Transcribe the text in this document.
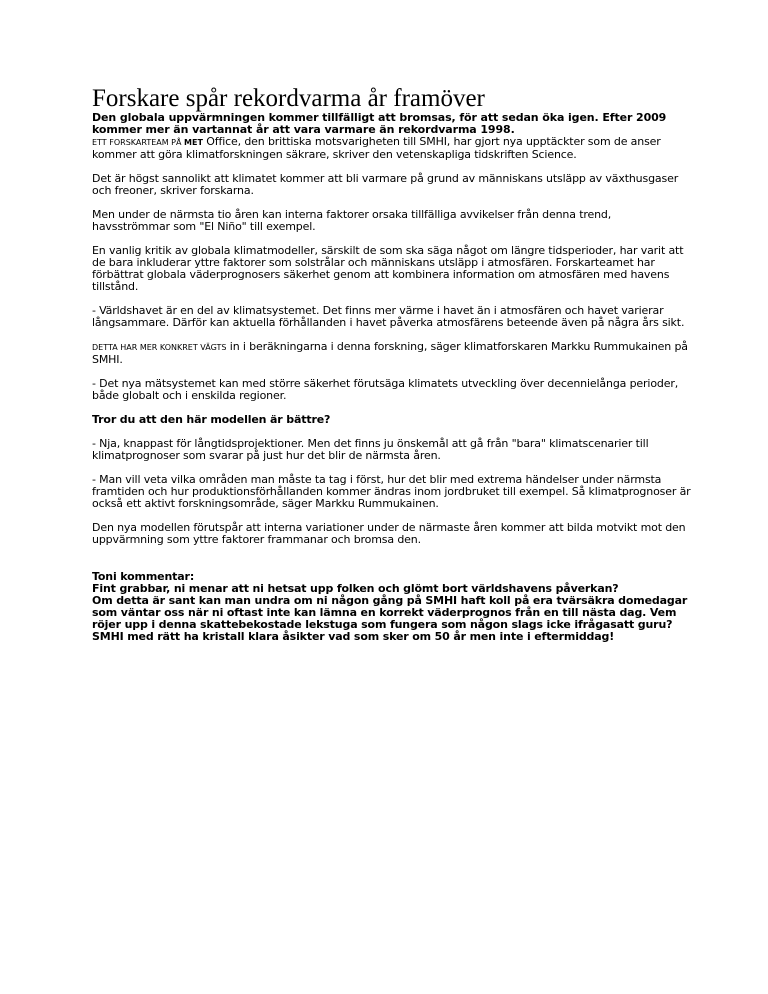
Forskare spår rekordvarma år framöver

Den globala uppvärmningen kommer tillfälligt att bromsas, för att sedan öka igen. Efter 2009 kommer mer än vartannat år att vara varmare än rekordvarma 1998.

ETT FORSKARTEAM PÅ MET Office, den brittiska motsvarigheten till SMHI, har gjort nya upptäckter som de anser kommer att göra klimatforskningen säkrare, skriver den vetenskapliga tidskriften Science.

Det är högst sannolikt att klimatet kommer att bli varmare på grund av människans utsläpp av växthusgaser och freoner, skriver forskarna.

Men under de närmsta tio åren kan interna faktorer orsaka tillfälliga avvikelser från denna trend, havsströmmar som "El Niño" till exempel.

En vanlig kritik av globala klimatmodeller, särskilt de som ska säga något om längre tidsperioder, har varit att de bara inkluderar yttre faktorer som solstrålar och människans utsläpp i atmosfären. Forskarteamet har förbättrat globala väderprognosers säkerhet genom att kombinera information om atmosfären med havens tillstånd.

- Världshavet är en del av klimatsystemet. Det finns mer värme i havet än i atmosfären och havet varierar långsammare. Därför kan aktuella förhållanden i havet påverka atmosfärens beteende även på några års sikt.

DETTA HAR MER KONKRET VÄGTS in i beräkningarna i denna forskning, säger klimatforskaren Markku Rummukainen på SMHI.

- Det nya mätsystemet kan med större säkerhet förutsäga klimatets utveckling över decennielånga perioder, både globalt och i enskilda regioner.

Tror du att den här modellen är bättre?

- Nja, knappast för långtidsprojektioner. Men det finns ju önskemål att gå från "bara" klimatscenarier till klimatprognoser som svarar på just hur det blir de närmsta åren.

- Man vill veta vilka områden man måste ta tag i först, hur det blir med extrema händelser under närmsta framtiden och hur produktionsförhållanden kommer ändras inom jordbruket till exempel. Så klimatprognoser är också ett aktivt forskningsområde, säger Markku Rummukainen.

Den nya modellen förutspår att interna variationer under de närmaste åren kommer att bilda motvikt mot den uppvärmning som yttre faktorer frammanar och bromsa den.

Toni kommentar:

Fint grabbar, ni menar att ni hetsat upp folken och glömt bort världshavens påverkan?

Om detta är sant kan man undra om ni någon gång på SMHI haft koll på era tvärsäkra domedagar som väntar oss när ni oftast inte kan lämna en korrekt väderprognos från en till nästa dag. Vem röjer upp i denna skattebekostade lekstuga som fungera som någon slags icke ifrågasatt guru? SMHI med rätt ha kristall klara åsikter vad som sker om 50 år men inte i eftermiddag!
